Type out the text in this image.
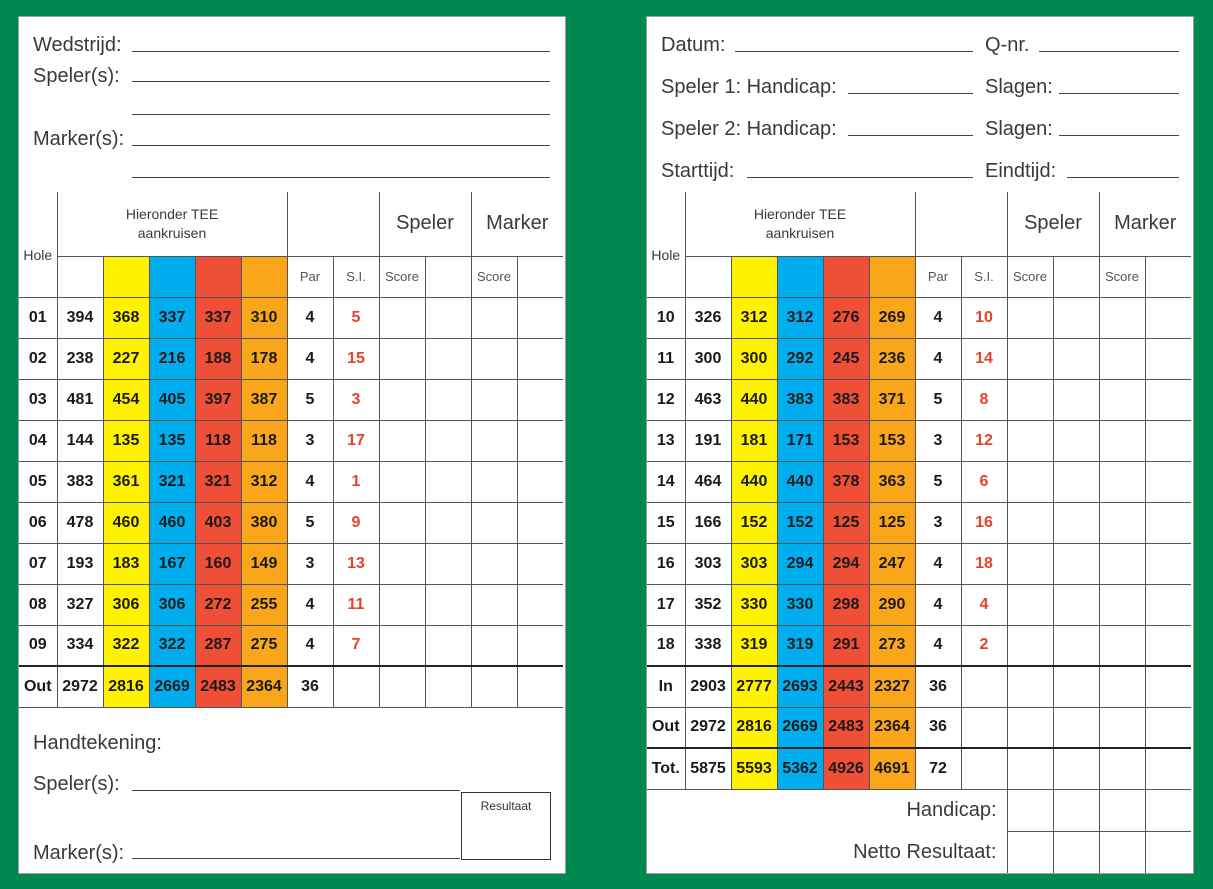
Wedstrijd:
Speler(s):
Marker(s):
Hole	Hieronder TEE aankruisen							Speler		Marker	
						Par	S.I.	Score		Score	
01	394	368	337	337	310	4	5				
02	238	227	216	188	178	4	15				
03	481	454	405	397	387	5	3				
04	144	135	135	118	118	3	17				
05	383	361	321	321	312	4	1				
06	478	460	460	403	380	5	9				
07	193	183	167	160	149	3	13				
08	327	306	306	272	255	4	11				
09	334	322	322	287	275	4	7				
Out	2972	2816	2669	2483	2364	36					
Handtekening:
Speler(s):
Marker(s):
Resultaat
Datum:	Q-nr.
Speler 1: Handicap:	Slagen:
Speler 2: Handicap:	Slagen:
Starttijd:	Eindtijd:
Hole	Hieronder TEE aankruisen							Speler		Marker	
						Par	S.I.	Score		Score	
10	326	312	312	276	269	4	10				
11	300	300	292	245	236	4	14				
12	463	440	383	383	371	5	8				
13	191	181	171	153	153	3	12				
14	464	440	440	378	363	5	6				
15	166	152	152	125	125	3	16				
16	303	303	294	294	247	4	18				
17	352	330	330	298	290	4	4				
18	338	319	319	291	273	4	2				
In	2903	2777	2693	2443	2327	36					
Out	2972	2816	2669	2483	2364	36					
Tot.	5875	5593	5362	4926	4691	72					
Handicap:											
Netto Resultaat:											
